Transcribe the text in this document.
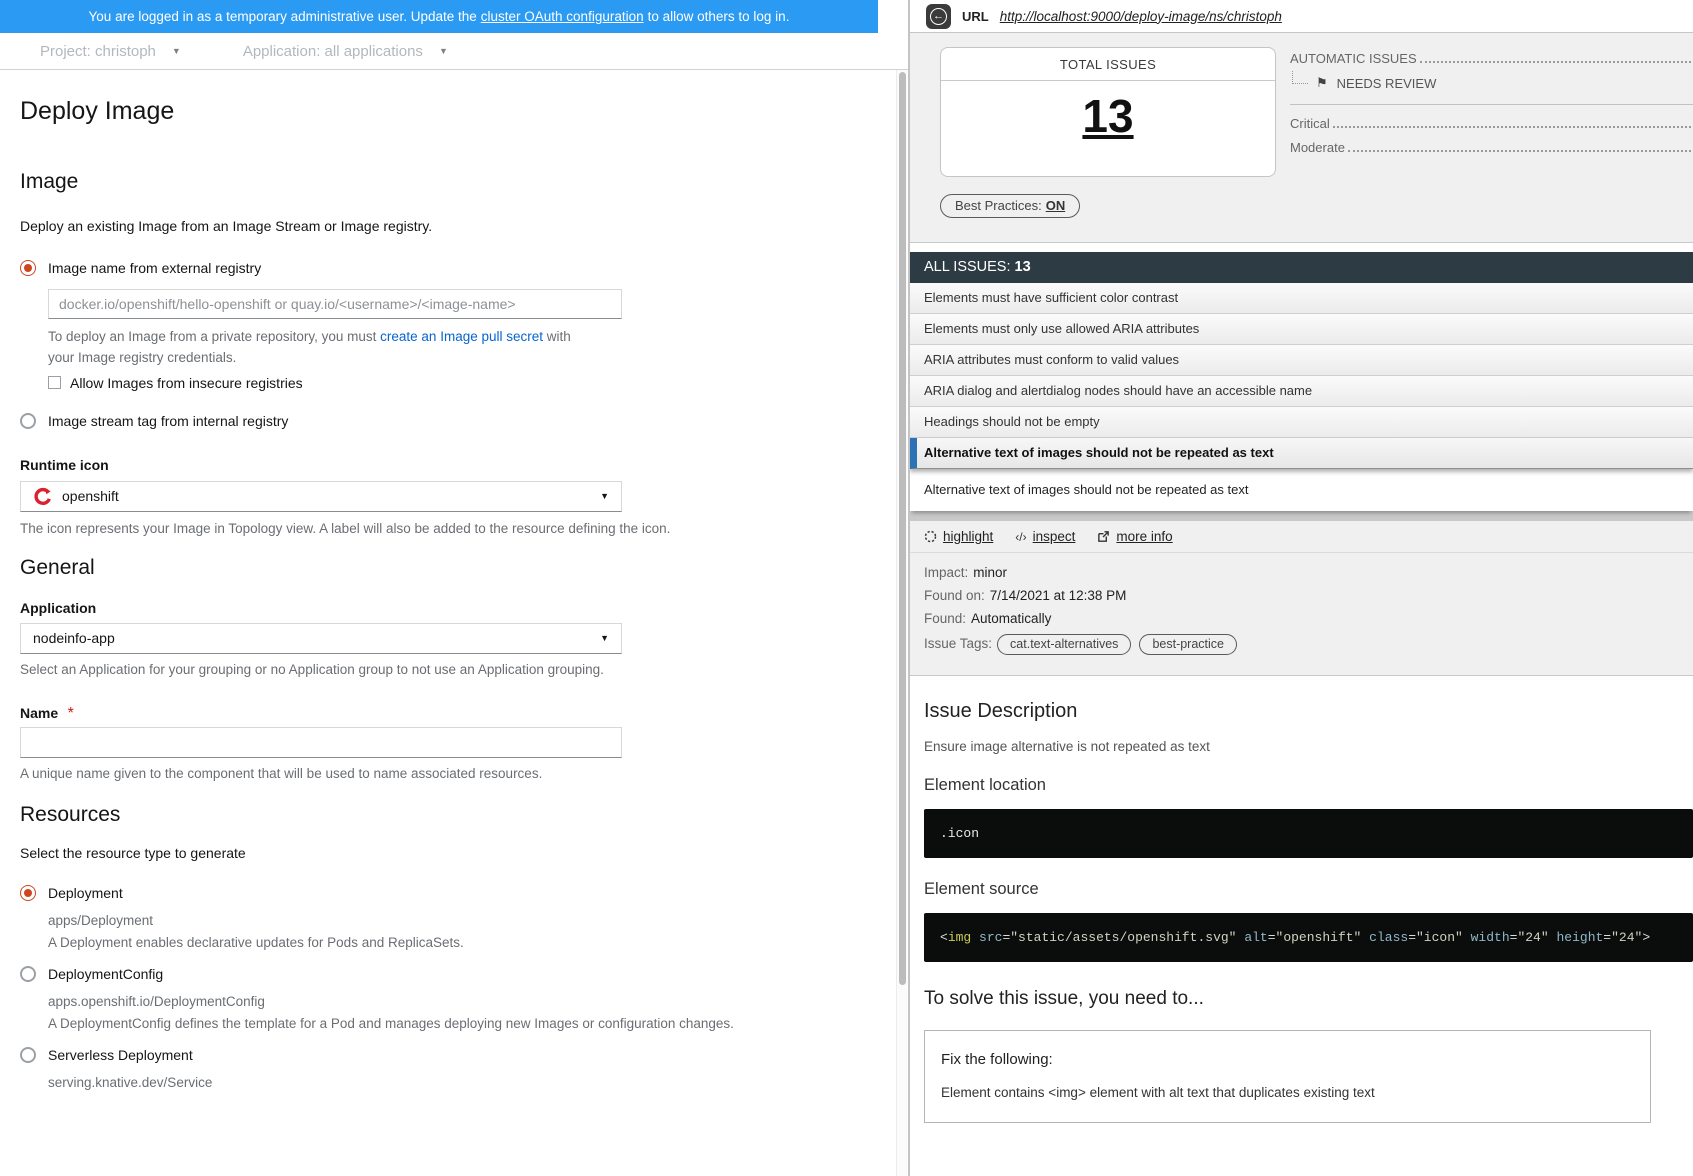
You are logged in as a temporary administrative user. Update the cluster OAuth configuration to allow others to log in.
Project: christoph ▼	Application: all applications ▼
Deploy Image
Image

Deploy an existing Image from an Image Stream or Image registry.

Image name from external registry
docker.io/openshift/hello-openshift or quay.io/<username>/<image-name>

To deploy an Image from a private repository, you must create an Image pull secret with your Image registry credentials.

Allow Images from insecure registries
Image stream tag from internal registry
Runtime icon
openshift	▼

The icon represents your Image in Topology view. A label will also be added to the resource defining the icon.

General
Application
nodeinfo-app	▼

Select an Application for your grouping or no Application group to not use an Application grouping.

Name *

A unique name given to the component that will be used to name associated resources.

Resources

Select the resource type to generate

Deployment

apps/Deployment

A Deployment enables declarative updates for Pods and ReplicaSets.

DeploymentConfig

apps.openshift.io/DeploymentConfig

A DeploymentConfig defines the template for a Pod and manages deploying new Images or configuration changes.

Serverless Deployment

serving.knative.dev/Service

← URL http://localhost:9000/deploy-image/ns/christoph
TOTAL ISSUES
13
AUTOMATIC ISSUES
⚑ NEEDS REVIEW
Critical
Moderate
Best Practices: ON
ALL ISSUES: 13
Elements must have sufficient color contrast
Elements must only use allowed ARIA attributes
ARIA attributes must conform to valid values
ARIA dialog and alertdialog nodes should have an accessible name
Headings should not be empty
Alternative text of images should not be repeated as text
Alternative text of images should not be repeated as text
highlight ‹/› inspect	more info
Impact: minor
Found on: 7/14/2021 at 12:38 PM
Found: Automatically
Issue Tags:	cat.text-alternatives	best-practice
Issue Description

Ensure image alternative is not repeated as text

Element location
.icon
Element source
<img src="static/assets/openshift.svg" alt="openshift" class="icon" width="24" height="24">
To solve this issue, you need to...
Fix the following:
Element contains <img> element with alt text that duplicates existing text
